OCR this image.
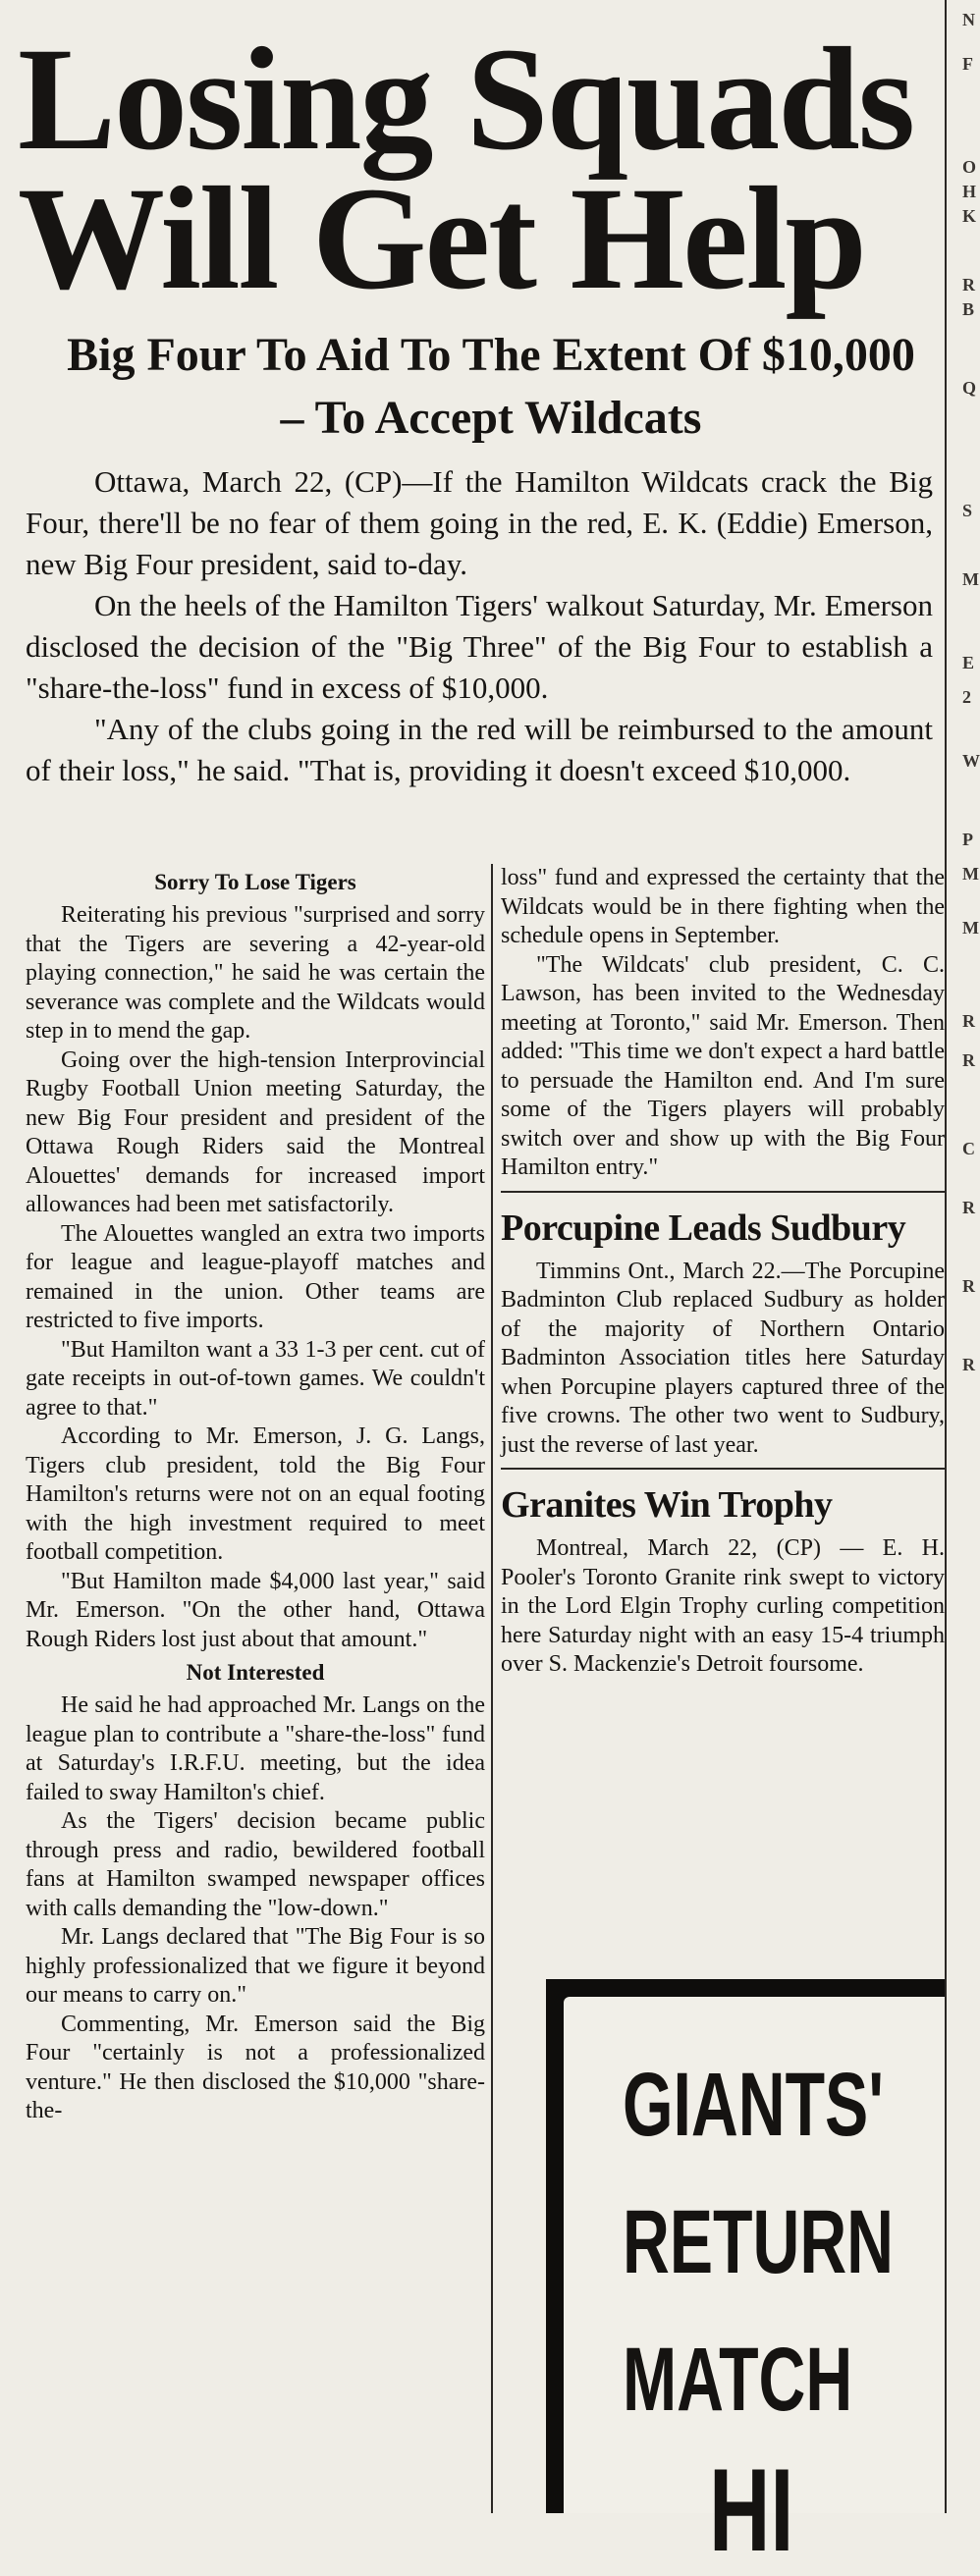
Losing Squads Will Get Help
Big Four To Aid To The Extent Of $10,000 – To Accept Wildcats

Ottawa, March 22, (CP)—If the Hamilton Wildcats crack the Big Four, there'll be no fear of them going in the red, E. K. (Eddie) Emerson, new Big Four president, said to-day.

On the heels of the Hamilton Tigers' walkout Saturday, Mr. Emerson disclosed the decision of the "Big Three" of the Big Four to establish a "share-the-loss" fund in excess of $10,000.

"Any of the clubs going in the red will be reimbursed to the amount of their loss," he said. "That is, providing it doesn't exceed $10,000.

Sorry To Lose Tigers

Reiterating his previous "surprised and sorry that the Tigers are severing a 42-year-old playing connection," he said he was certain the severance was complete and the Wildcats would step in to mend the gap.

Going over the high-tension Interprovincial Rugby Football Union meeting Saturday, the new Big Four president and president of the Ottawa Rough Riders said the Montreal Alouettes' demands for increased import allowances had been met satisfactorily.

The Alouettes wangled an extra two imports for league and league-playoff matches and remained in the union. Other teams are restricted to five imports.

"But Hamilton want a 33 1-3 per cent. cut of gate receipts in out-of-town games. We couldn't agree to that."

According to Mr. Emerson, J. G. Langs, Tigers club president, told the Big Four Hamilton's returns were not on an equal footing with the high investment required to meet football competition.

"But Hamilton made $4,000 last year," said Mr. Emerson. "On the other hand, Ottawa Rough Riders lost just about that amount."

Not Interested

He said he had approached Mr. Langs on the league plan to contribute a "share-the-loss" fund at Saturday's I.R.F.U. meeting, but the idea failed to sway Hamilton's chief.

As the Tigers' decision became public through press and radio, bewildered football fans at Hamilton swamped newspaper offices with calls demanding the "low-down."

Mr. Langs declared that "The Big Four is so highly professionalized that we figure it beyond our means to carry on."

Commenting, Mr. Emerson said the Big Four "certainly is not a professionalized venture." He then disclosed the $10,000 "share-the-

loss" fund and expressed the certainty that the Wildcats would be in there fighting when the schedule opens in September.

"The Wildcats' club president, C. C. Lawson, has been invited to the Wednesday meeting at Toronto," said Mr. Emerson. Then added: "This time we don't expect a hard battle to persuade the Hamilton end. And I'm sure some of the Tigers players will probably switch over and show up with the Big Four Hamilton entry."

Porcupine Leads Sudbury

Timmins Ont., March 22.—The Porcupine Badminton Club replaced Sudbury as holder of the majority of Northern Ontario Badminton Association titles here Saturday when Porcupine players captured three of the five crowns. The other two went to Sudbury, just the reverse of last year.

Granites Win Trophy

Montreal, March 22, (CP) — E. H. Pooler's Toronto Granite rink swept to victory in the Lord Elgin Trophy curling competition here Saturday night with an easy 15-4 triumph over S. Mackenzie's Detroit foursome.

GIANTS'

RETURN

MATCH

HI

N
F
O
H
K
R
B
Q
S
M
E
2
W
P
M
M
R
R
C
R
R
R
